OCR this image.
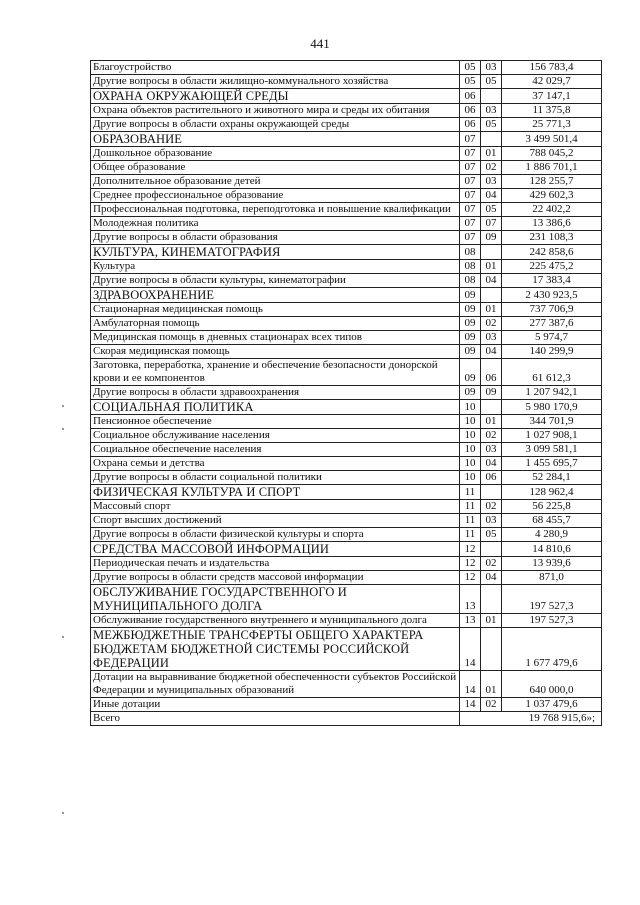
441
Благоустройство	05	03	156 783,4
Другие вопросы в области жилищно-коммунального хозяйства	05	05	42 029,7
ОХРАНА ОКРУЖАЮЩЕЙ СРЕДЫ	06		37 147,1
Охрана объектов растительного и животного мира и среды их обитания	06	03	11 375,8
Другие вопросы в области охраны окружающей среды	06	05	25 771,3
ОБРАЗОВАНИЕ	07		3 499 501,4
Дошкольное образование	07	01	788 045,2
Общее образование	07	02	1 886 701,1
Дополнительное образование детей	07	03	128 255,7
Среднее профессиональное образование	07	04	429 602,3
Профессиональная подготовка, переподготовка и повышение квалификации	07	05	22 402,2
Молодежная политика	07	07	13 386,6
Другие вопросы в области образования	07	09	231 108,3
КУЛЬТУРА, КИНЕМАТОГРАФИЯ	08		242 858,6
Культура	08	01	225 475,2
Другие вопросы в области культуры, кинематографии	08	04	17 383,4
ЗДРАВООХРАНЕНИЕ	09		2 430 923,5
Стационарная медицинская помощь	09	01	737 706,9
Амбулаторная помощь	09	02	277 387,6
Медицинская помощь в дневных стационарах всех типов	09	03	5 974,7
Скорая медицинская помощь	09	04	140 299,9
Заготовка, переработка, хранение и обеспечение безопасности донорской крови и ее компонентов	09	06	61 612,3
Другие вопросы в области здравоохранения	09	09	1 207 942,1
СОЦИАЛЬНАЯ ПОЛИТИКА	10		5 980 170,9
Пенсионное обеспечение	10	01	344 701,9
Социальное обслуживание населения	10	02	1 027 908,1
Социальное обеспечение населения	10	03	3 099 581,1
Охрана семьи и детства	10	04	1 455 695,7
Другие вопросы в области социальной политики	10	06	52 284,1
ФИЗИЧЕСКАЯ КУЛЬТУРА И СПОРТ	11		128 962,4
Массовый спорт	11	02	56 225,8
Спорт высших достижений	11	03	68 455,7
Другие вопросы в области физической культуры и спорта	11	05	4 280,9
СРЕДСТВА МАССОВОЙ ИНФОРМАЦИИ	12		14 810,6
Периодическая печать и издательства	12	02	13 939,6
Другие вопросы в области средств массовой информации	12	04	871,0
ОБСЛУЖИВАНИЕ ГОСУДАРСТВЕННОГО И МУНИЦИПАЛЬНОГО ДОЛГА	13		197 527,3
Обслуживание государственного внутреннего и муниципального долга	13	01	197 527,3
МЕЖБЮДЖЕТНЫЕ ТРАНСФЕРТЫ ОБЩЕГО ХАРАКТЕРА БЮДЖЕТАМ БЮДЖЕТНОЙ СИСТЕМЫ РОССИЙСКОЙ ФЕДЕРАЦИИ	14		1 677 479,6
Дотации на выравнивание бюджетной обеспеченности субъектов Российской Федерации и муниципальных образований	14	01	640 000,0
Иные дотации	14	02	1 037 479,6
Всего	19 768 915,6»;		
